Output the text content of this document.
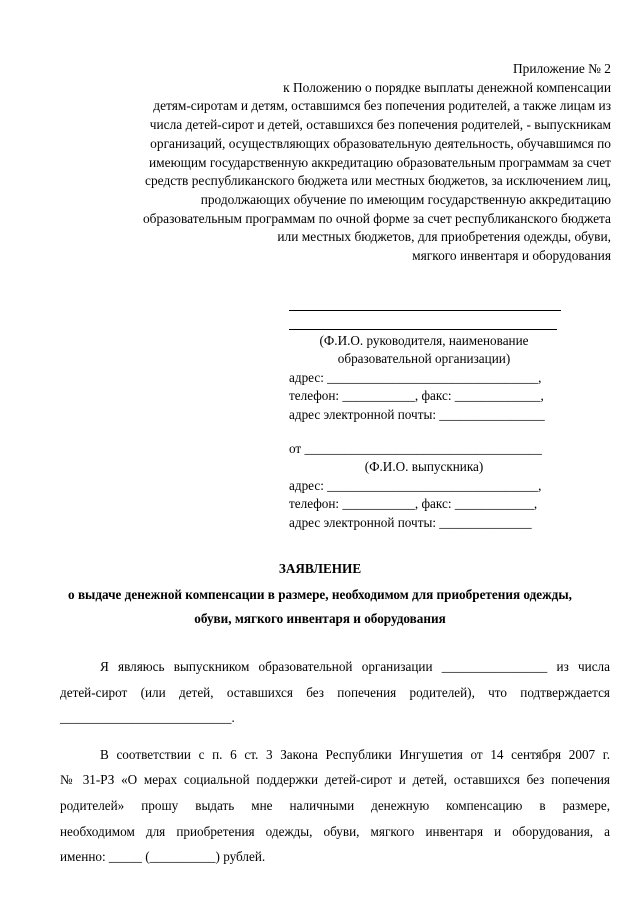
Приложение № 2
к Положению о порядке выплаты денежной компенсации
детям-сиротам и детям, оставшимся без попечения родителей, а также лицам из
числа детей-сирот и детей, оставшихся без попечения родителей, - выпускникам
организаций, осуществляющих образовательную деятельность, обучавшимся по
имеющим государственную аккредитацию образовательным программам за счет
средств республиканского бюджета или местных бюджетов, за исключением лиц,
продолжающих обучение по имеющим государственную аккредитацию
образовательным программам по очной форме за счет республиканского бюджета
или местных бюджетов, для приобретения одежды, обуви,
мягкого инвентаря и оборудования
(Ф.И.О. руководителя, наименование
образовательной организации)
адрес: ________________________________,
телефон: ___________, факс: _____________,
адрес электронной почты: ________________
от ____________________________________
(Ф.И.О. выпускника)
адрес: ________________________________,
телефон: ___________, факс: ____________,
адрес электронной почты: ______________
ЗАЯВЛЕНИЕ
о выдаче денежной компенсации в размере, необходимом для приобретения одежды,
обуви, мягкого инвентаря и оборудования
Я являюсь выпускником образовательной организации ________________ из числа
детей-сирот (или детей, оставшихся без попечения родителей), что подтверждается
__________________________.
В соответствии с п. 6 ст. 3 Закона Республики Ингушетия от 14 сентября 2007 г.
№ 31-РЗ «О мерах социальной поддержки детей-сирот и детей, оставшихся без попечения
родителей» прошу выдать мне наличными денежную компенсацию в размере,
необходимом для приобретения одежды, обуви, мягкого инвентаря и оборудования, а
именно: _____ (__________) рублей.
